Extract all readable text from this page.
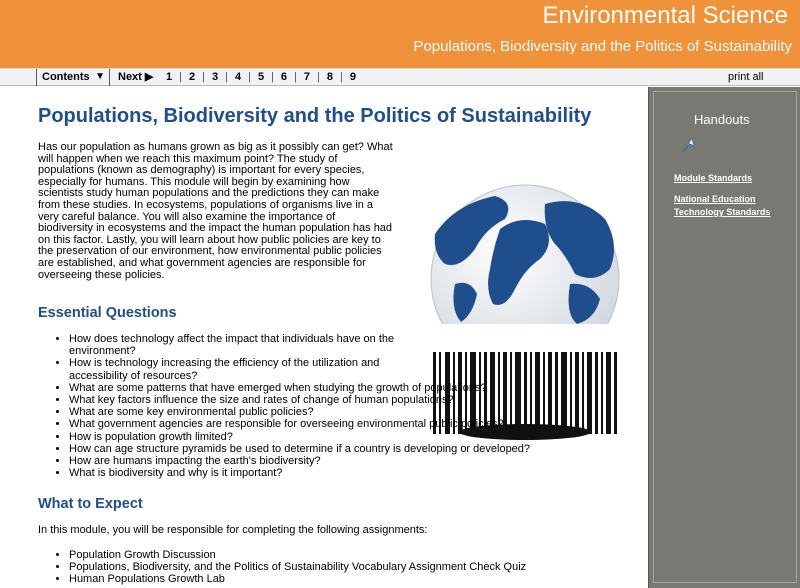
Environmental Science
Populations, Biodiversity and the Politics of Sustainability
Contents ▼ Next ▶ 1 | 2 | 3 | 4 | 5 | 6 | 7 | 8 | 9	print all
Handouts
Module Standards
National Education
Technology Standards
Populations, Biodiversity and the Politics of Sustainability
Has our population as humans grown as big as it possibly can get? What
will happen when we reach this maximum point? The study of
populations (known as demography) is important for every species,
especially for humans. This module will begin by examining how
scientists study human populations and the predictions they can make
from these studies. In ecosystems, populations of organisms live in a
very careful balance. You will also examine the importance of
biodiversity in ecosystems and the impact the human population has had
on this factor. Lastly, you will learn about how public policies are key to
the preservation of our environment, how environmental public policies
are established, and what government agencies are responsible for
overseeing these policies.
Essential Questions
• How does technology affect the impact that individuals have on the
environment?
• How is technology increasing the efficiency of the utilization and
accessibility of resources?
• What are some patterns that have emerged when studying the growth of populations?
• What key factors influence the size and rates of change of human populations?
• What are some key environmental public policies?
• What government agencies are responsible for overseeing environmental public policies?
• How is population growth limited?
• How can age structure pyramids be used to determine if a country is developing or developed?
• How are humans impacting the earth's biodiversity?
• What is biodiversity and why is it important?
What to Expect
In this module, you will be responsible for completing the following assignments:
• Population Growth Discussion
• Populations, Biodiversity, and the Politics of Sustainability Vocabulary Assignment Check Quiz
• Human Populations Growth Lab
